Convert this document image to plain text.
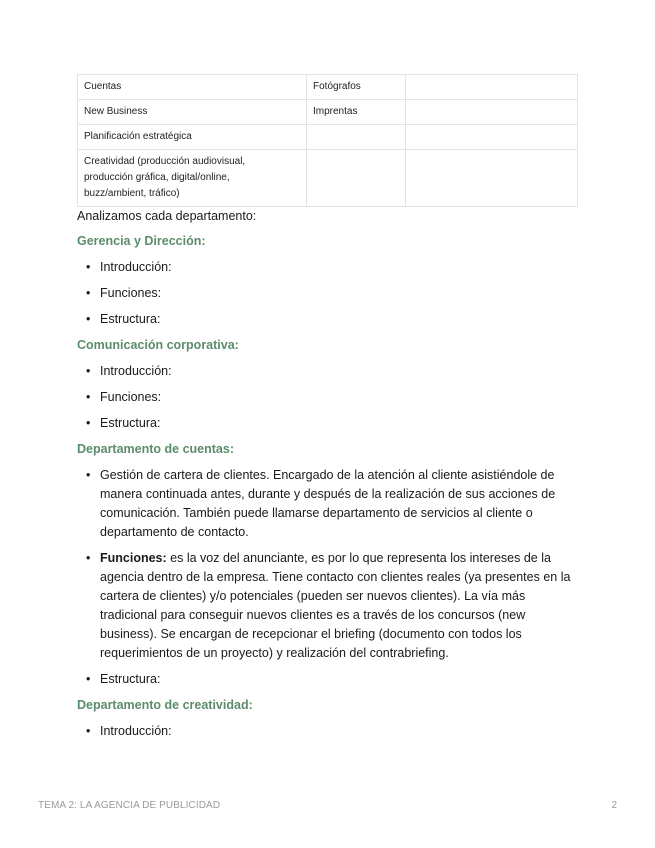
Cuentas	Fotógrafos	
New Business	Imprentas	
Planificación estratégica		
Creatividad (producción audiovisual,
producción gráfica, digital/online,
buzz/ambient, tráfico)		

Analizamos cada departamento:

Gerencia y Dirección:
• Introducción:
• Funciones:
• Estructura:
Comunicación corporativa:
• Introducción:
• Funciones:
• Estructura:
Departamento de cuentas:
• Gestión de cartera de clientes. Encargado de la atención al cliente asistiéndole de manera continuada antes, durante y después de la realización de sus acciones de comunicación. También puede llamarse departamento de servicios al cliente o departamento de contacto.
• Funciones: es la voz del anunciante, es por lo que representa los intereses de la agencia dentro de la empresa. Tiene contacto con clientes reales (ya presentes en la cartera de clientes) y/o potenciales (pueden ser nuevos clientes). La vía más tradicional para conseguir nuevos clientes es a través de los concursos (new business). Se encargan de recepcionar el briefing (documento con todos los requerimientos de un proyecto) y realización del contrabriefing.
• Estructura:
Departamento de creatividad:
• Introducción:
TEMA 2: LA AGENCIA DE PUBLICIDAD	2
